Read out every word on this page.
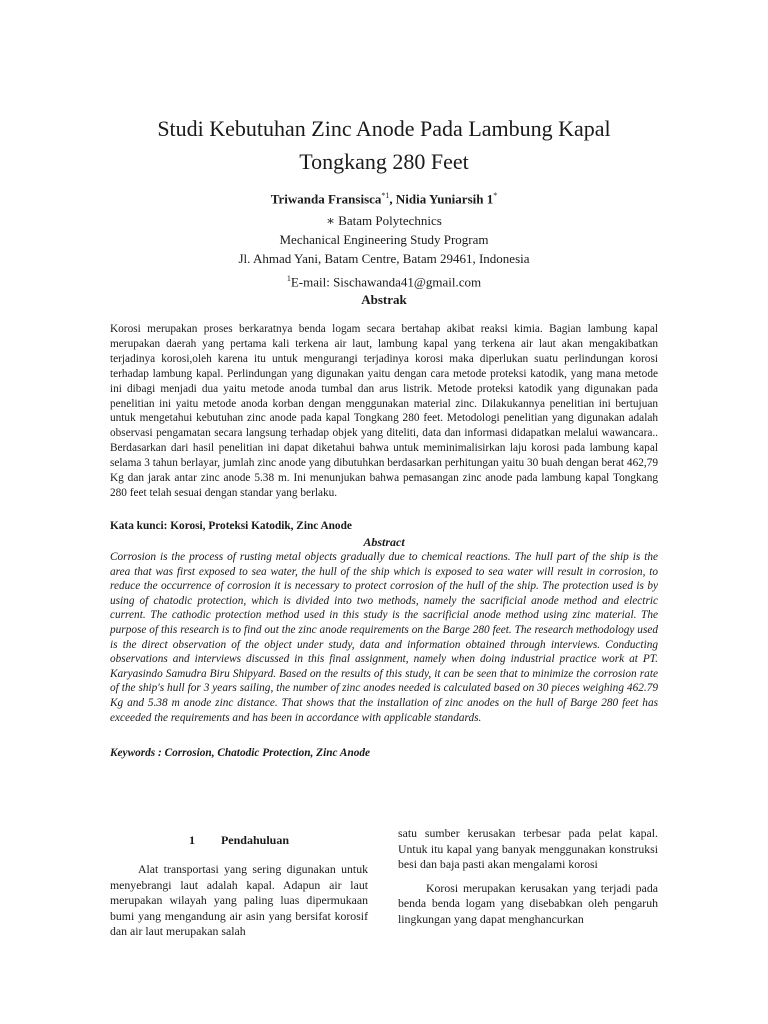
Studi Kebutuhan Zinc Anode Pada Lambung Kapal
Tongkang 280 Feet
Triwanda Fransisca$^{*1}$, Nidia Yuniarsih 1*
∗ Batam Polytechnics
Mechanical Engineering Study Program
Jl. Ahmad Yani, Batam Centre, Batam 29461, Indonesia
$^1$E-mail: Sischawanda41@gmail.com
Abstrak

Korosi merupakan proses berkaratnya benda logam secara bertahap akibat reaksi kimia. Bagian lambung kapal merupakan daerah yang pertama kali terkena air laut, lambung kapal yang terkena air laut akan mengakibatkan terjadinya korosi,oleh karena itu untuk mengurangi terjadinya korosi maka diperlukan suatu perlindungan korosi terhadap lambung kapal. Perlindungan yang digunakan yaitu dengan cara metode proteksi katodik, yang mana metode ini dibagi menjadi dua yaitu metode anoda tumbal dan arus listrik. Metode proteksi katodik yang digunakan pada penelitian ini yaitu metode anoda korban dengan menggunakan material zinc. Dilakukannya penelitian ini bertujuan untuk mengetahui kebutuhan zinc anode pada kapal Tongkang 280 feet. Metodologi penelitian yang digunakan adalah observasi pengamatan secara langsung terhadap objek yang diteliti, data dan informasi didapatkan melalui wawancara.. Berdasarkan dari hasil penelitian ini dapat diketahui bahwa untuk meminimalisirkan laju korosi pada lambung kapal selama 3 tahun berlayar, jumlah zinc anode yang dibutuhkan berdasarkan perhitungan yaitu 30 buah dengan berat 462,79 Kg dan jarak antar zinc anode 5.38 m. Ini menunjukan bahwa pemasangan zinc anode pada lambung kapal Tongkang 280 feet telah sesuai dengan standar yang berlaku.

Kata kunci: Korosi, Proteksi Katodik, Zinc Anode
Abstract

Corrosion is the process of rusting metal objects gradually due to chemical reactions. The hull part of the ship is the area that was first exposed to sea water, the hull of the ship which is exposed to sea water will result in corrosion, to reduce the occurrence of corrosion it is necessary to protect corrosion of the hull of the ship. The protection used is by using of chatodic protection, which is divided into two methods, namely the sacrificial anode method and electric current. The cathodic protection method used in this study is the sacrificial anode method using zinc material. The purpose of this research is to find out the zinc anode requirements on the Barge 280 feet. The research methodology used is the direct observation of the object under study, data and information obtained through interviews. Conducting observations and interviews discussed in this final assignment, namely when doing industrial practice work at PT. Karyasindo Samudra Biru Shipyard. Based on the results of this study, it can be seen that to minimize the corrosion rate of the ship's hull for 3 years sailing, the number of zinc anodes needed is calculated based on 30 pieces weighing 462.79 Kg and 5.38 m anode zinc distance. That shows that the installation of zinc anodes on the hull of Barge 280 feet has exceeded the requirements and has been in accordance with applicable standards.

Keywords : Corrosion, Chatodic Protection, Zinc Anode
1 Pendahuluan

Alat transportasi yang sering digunakan untuk menyebrangi laut adalah kapal. Adapun air laut merupakan wilayah yang paling luas dipermukaan bumi yang mengandung air asin yang bersifat korosif dan air laut merupakan salah

satu sumber kerusakan terbesar pada pelat kapal. Untuk itu kapal yang banyak menggunakan konstruksi besi dan baja pasti akan mengalami korosi

Korosi merupakan kerusakan yang terjadi pada benda benda logam yang disebabkan oleh pengaruh lingkungan yang dapat menghancurkan
